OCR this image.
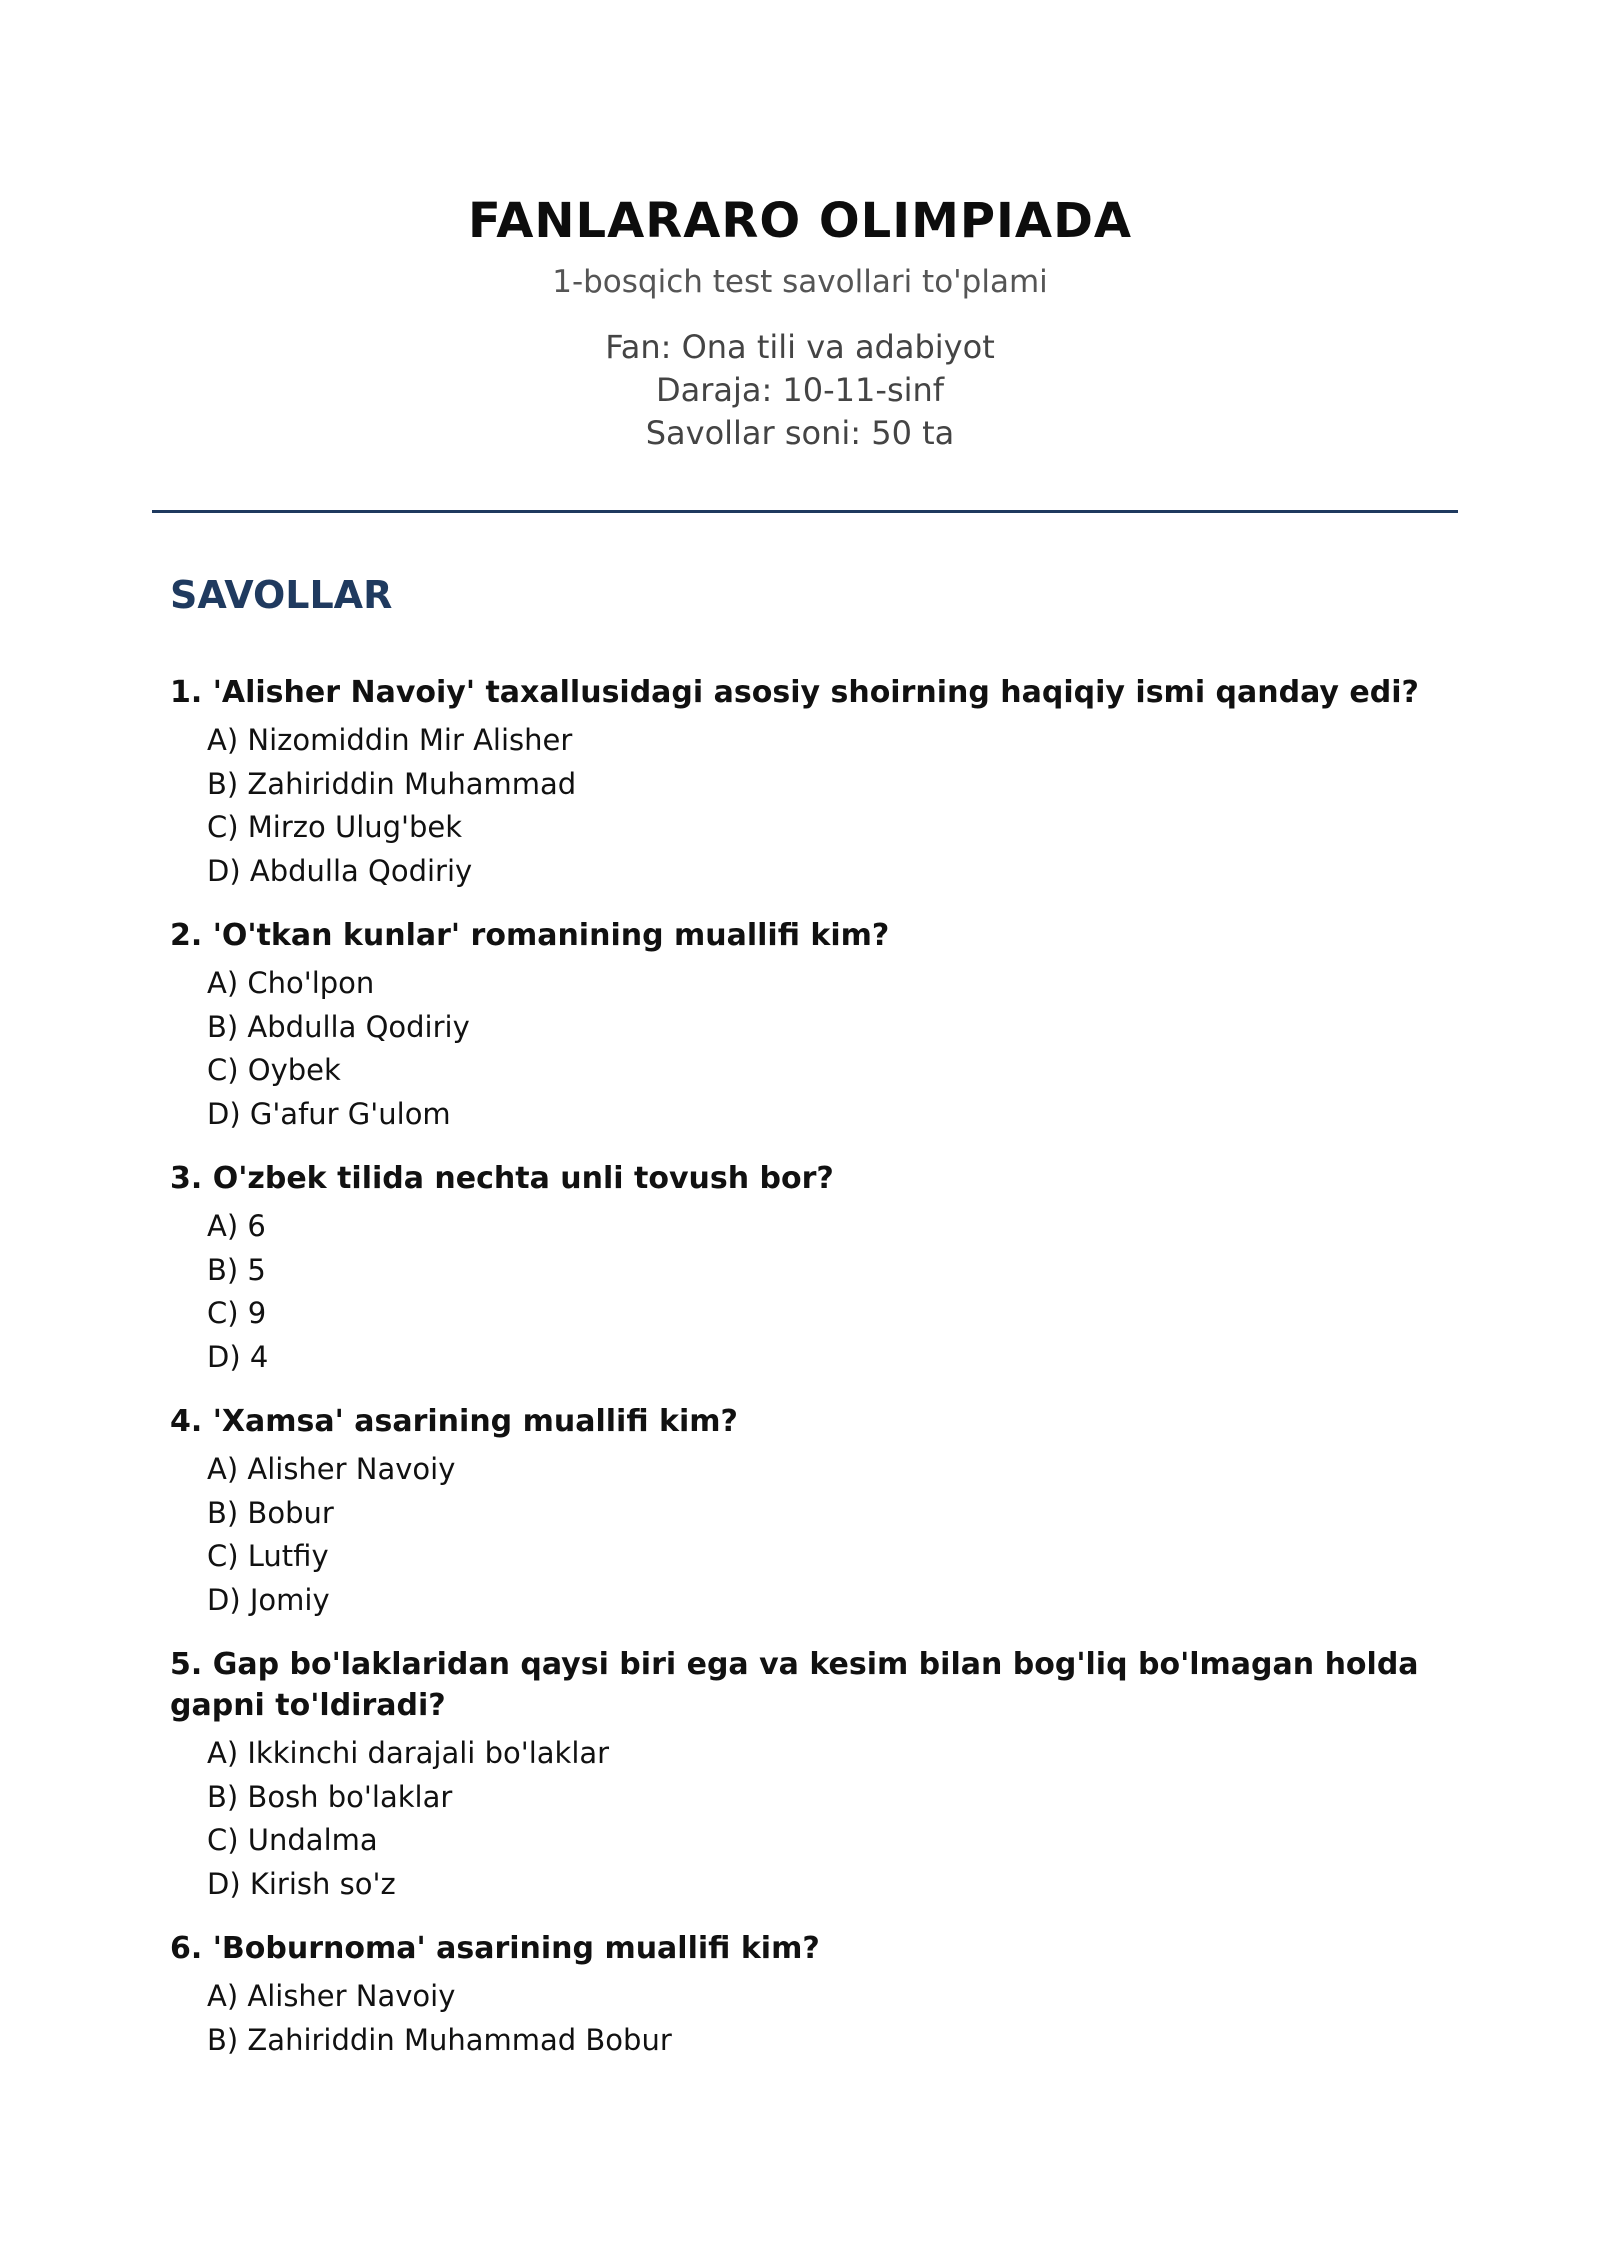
FANLARARO OLIMPIADA

1-bosqich test savollari to'plami

Fan: Ona tili va adabiyot

Daraja: 10-11-sinf

Savollar soni: 50 ta

SAVOLLAR

1. 'Alisher Navoiy' taxallusidagi asosiy shoirning haqiqiy ismi qanday edi?

A) Nizomiddin Mir Alisher
B) Zahiriddin Muhammad
C) Mirzo Ulug'bek
D) Abdulla Qodiriy

2. 'O'tkan kunlar' romanining muallifi kim?

A) Cho'lpon
B) Abdulla Qodiriy
C) Oybek
D) G'afur G'ulom

3. O'zbek tilida nechta unli tovush bor?

A) 6
B) 5
C) 9
D) 4

4. 'Xamsa' asarining muallifi kim?

A) Alisher Navoiy
B) Bobur
C) Lutfiy
D) Jomiy

5. Gap bo'laklaridan qaysi biri ega va kesim bilan bog'liq bo'lmagan holda gapni to'ldiradi?

A) Ikkinchi darajali bo'laklar
B) Bosh bo'laklar
C) Undalma
D) Kirish so'z

6. 'Boburnoma' asarining muallifi kim?

A) Alisher Navoiy
B) Zahiriddin Muhammad Bobur
